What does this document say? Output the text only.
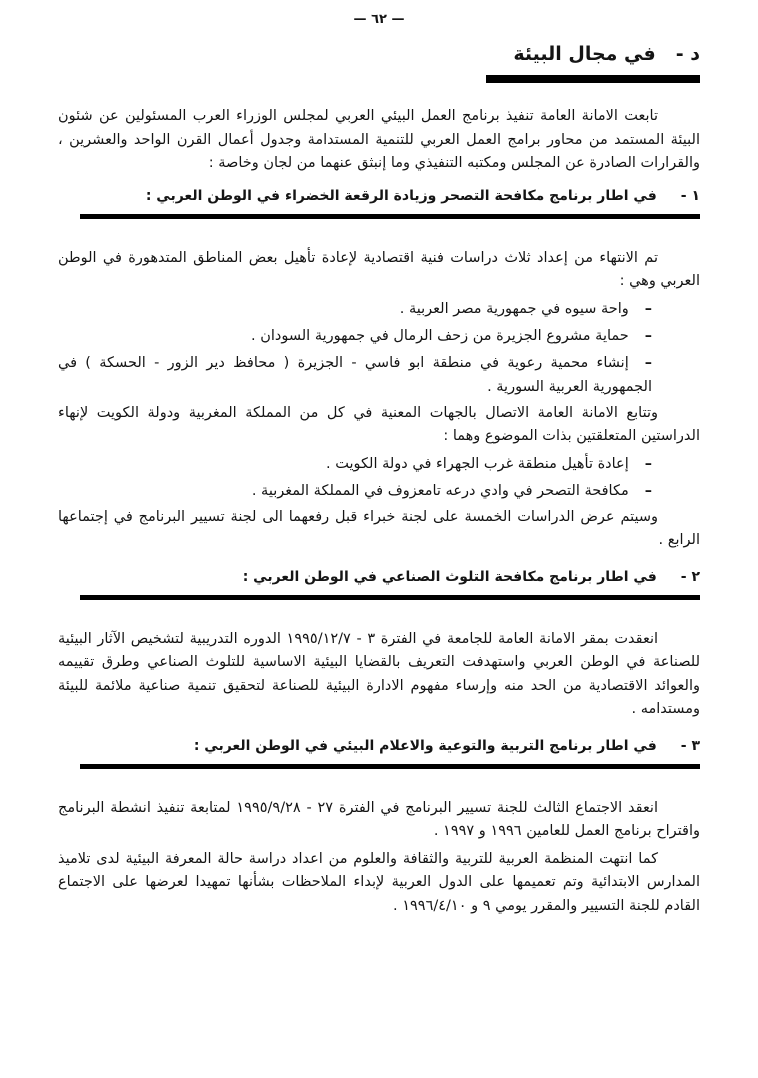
— ٦٢ —
د -في مجال البيئة

تابعت الامانة العامة تنفيذ برنامج العمل البيئي العربي لمجلس الوزراء العرب المسئولين عن شئون البيئة المستمد من محاور برامج العمل العربي للتنمية المستدامة وجدول أعمال القرن الواحد والعشرين ، والقرارات الصادرة عن المجلس ومكتبه التنفيذي وما إنبثق عنهما من لجان وخاصة :

١ -في اطار برنامج مكافحة التصحر وزيادة الرقعة الخضراء في الوطن العربي :

تم الانتهاء من إعداد ثلاث دراسات فنية اقتصادية لإعادة تأهيل بعض المناطق المتدهورة في الوطن العربي وهي :

–واحة سيوه في جمهورية مصر العربية .
–حماية مشروع الجزيرة من زحف الرمال في جمهورية السودان .
–إنشاء محمية رعوية في منطقة ابو فاسي - الجزيرة ( محافظ دير الزور - الحسكة ) في الجمهورية العربية السورية .

وتتابع الامانة العامة الاتصال بالجهات المعنية في كل من المملكة المغربية ودولة الكويت لإنهاء الدراستين المتعلقتين بذات الموضوع وهما :

–إعادة تأهيل منطقة غرب الجهراء في دولة الكويت .
–مكافحة التصحر في وادي درعه تامعزوف في المملكة المغربية .

وسيتم عرض الدراسات الخمسة على لجنة خبراء قبل رفعهما الى لجنة تسيير البرنامج في إجتماعها الرابع .

٢ -في اطار برنامج مكافحة التلوث الصناعي في الوطن العربي :

انعقدت بمقر الامانة العامة للجامعة في الفترة ٣ - ١٩٩٥/١٢/٧ الدوره التدريبية لتشخيص الآثار البيئية للصناعة في الوطن العربي واستهدفت التعريف بالقضايا البيئية الاساسية للتلوث الصناعي وطرق تقييمه والعوائد الاقتصادية من الحد منه وإرساء مفهوم الادارة البيئية للصناعة لتحقيق تنمية صناعية ملائمة للبيئة ومستدامه .

٣ -في اطار برنامج التربية والتوعية والاعلام البيئي في الوطن العربي :

انعقد الاجتماع الثالث للجنة تسيير البرنامج في الفترة ٢٧ - ١٩٩٥/٩/٢٨ لمتابعة تنفيذ انشطة البرنامج واقتراح برنامج العمل للعامين ١٩٩٦ و ١٩٩٧ .

كما انتهت المنظمة العربية للتربية والثقافة والعلوم من اعداد دراسة حالة المعرفة البيئية لدى تلاميذ المدارس الابتدائية وتم تعميمها على الدول العربية لإبداء الملاحظات بشأنها تمهيدا لعرضها على الاجتماع القادم للجنة التسيير والمقرر يومي ٩ و ١٩٩٦/٤/١٠ .
